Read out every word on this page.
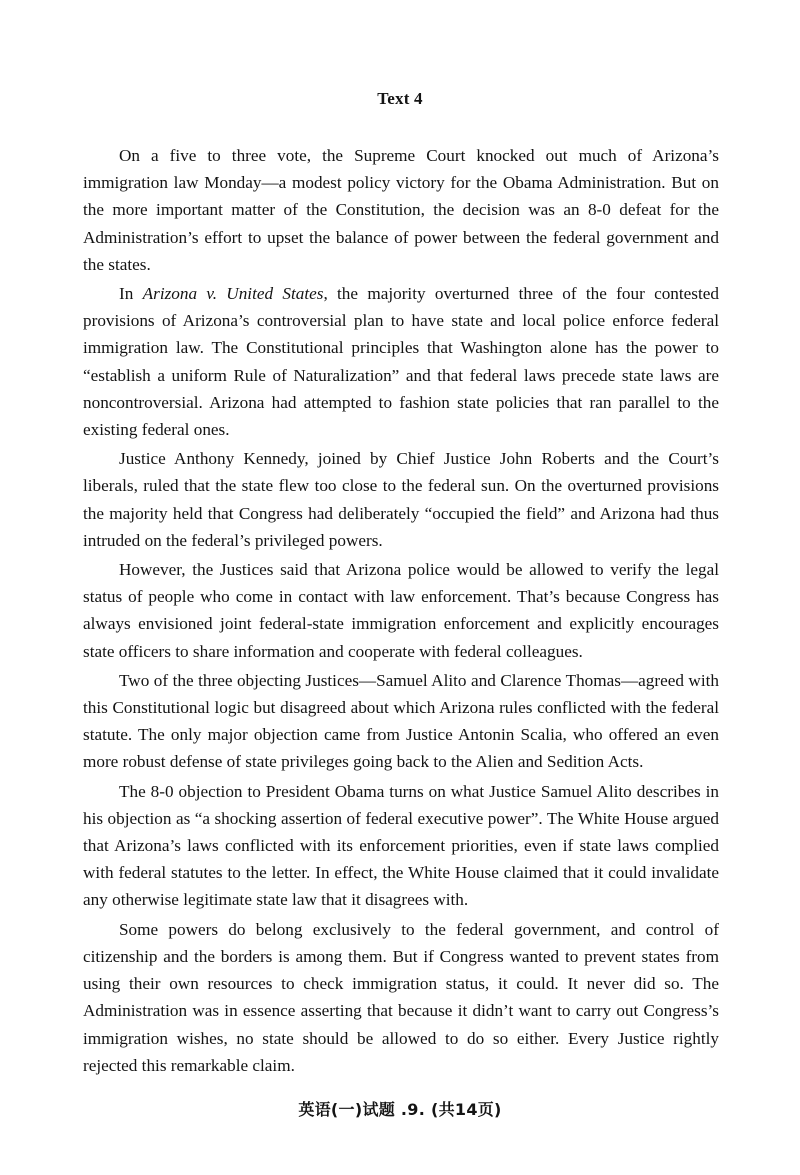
Text 4

On a five to three vote, the Supreme Court knocked out much of Arizona’s immigration law Monday—a modest policy victory for the Obama Administration. But on the more important matter of the Constitution, the decision was an 8-0 defeat for the Administration’s effort to upset the balance of power between the federal government and the states.

In Arizona v. United States, the majority overturned three of the four contested provisions of Arizona’s controversial plan to have state and local police enforce federal immigration law. The Constitutional principles that Washington alone has the power to “establish a uniform Rule of Naturalization” and that federal laws precede state laws are noncontroversial. Arizona had attempted to fashion state policies that ran parallel to the existing federal ones.

Justice Anthony Kennedy, joined by Chief Justice John Roberts and the Court’s liberals, ruled that the state flew too close to the federal sun. On the overturned provisions the majority held that Congress had deliberately “occupied the field” and Arizona had thus intruded on the federal’s privileged powers.

However, the Justices said that Arizona police would be allowed to verify the legal status of people who come in contact with law enforcement. That’s because Congress has always envisioned joint federal-state immigration enforcement and explicitly encourages state officers to share information and cooperate with federal colleagues.

Two of the three objecting Justices—Samuel Alito and Clarence Thomas—agreed with this Constitutional logic but disagreed about which Arizona rules conflicted with the federal statute. The only major objection came from Justice Antonin Scalia, who offered an even more robust defense of state privileges going back to the Alien and Sedition Acts.

The 8-0 objection to President Obama turns on what Justice Samuel Alito describes in his objection as “a shocking assertion of federal executive power”. The White House argued that Arizona’s laws conflicted with its enforcement priorities, even if state laws complied with federal statutes to the letter. In effect, the White House claimed that it could invalidate any otherwise legitimate state law that it disagrees with.

Some powers do belong exclusively to the federal government, and control of citizenship and the borders is among them. But if Congress wanted to prevent states from using their own resources to check immigration status, it could. It never did so. The Administration was in essence asserting that because it didn’t want to carry out Congress’s immigration wishes, no state should be allowed to do so either. Every Justice rightly rejected this remarkable claim.

英语(一)试题 .9. (共14页)
